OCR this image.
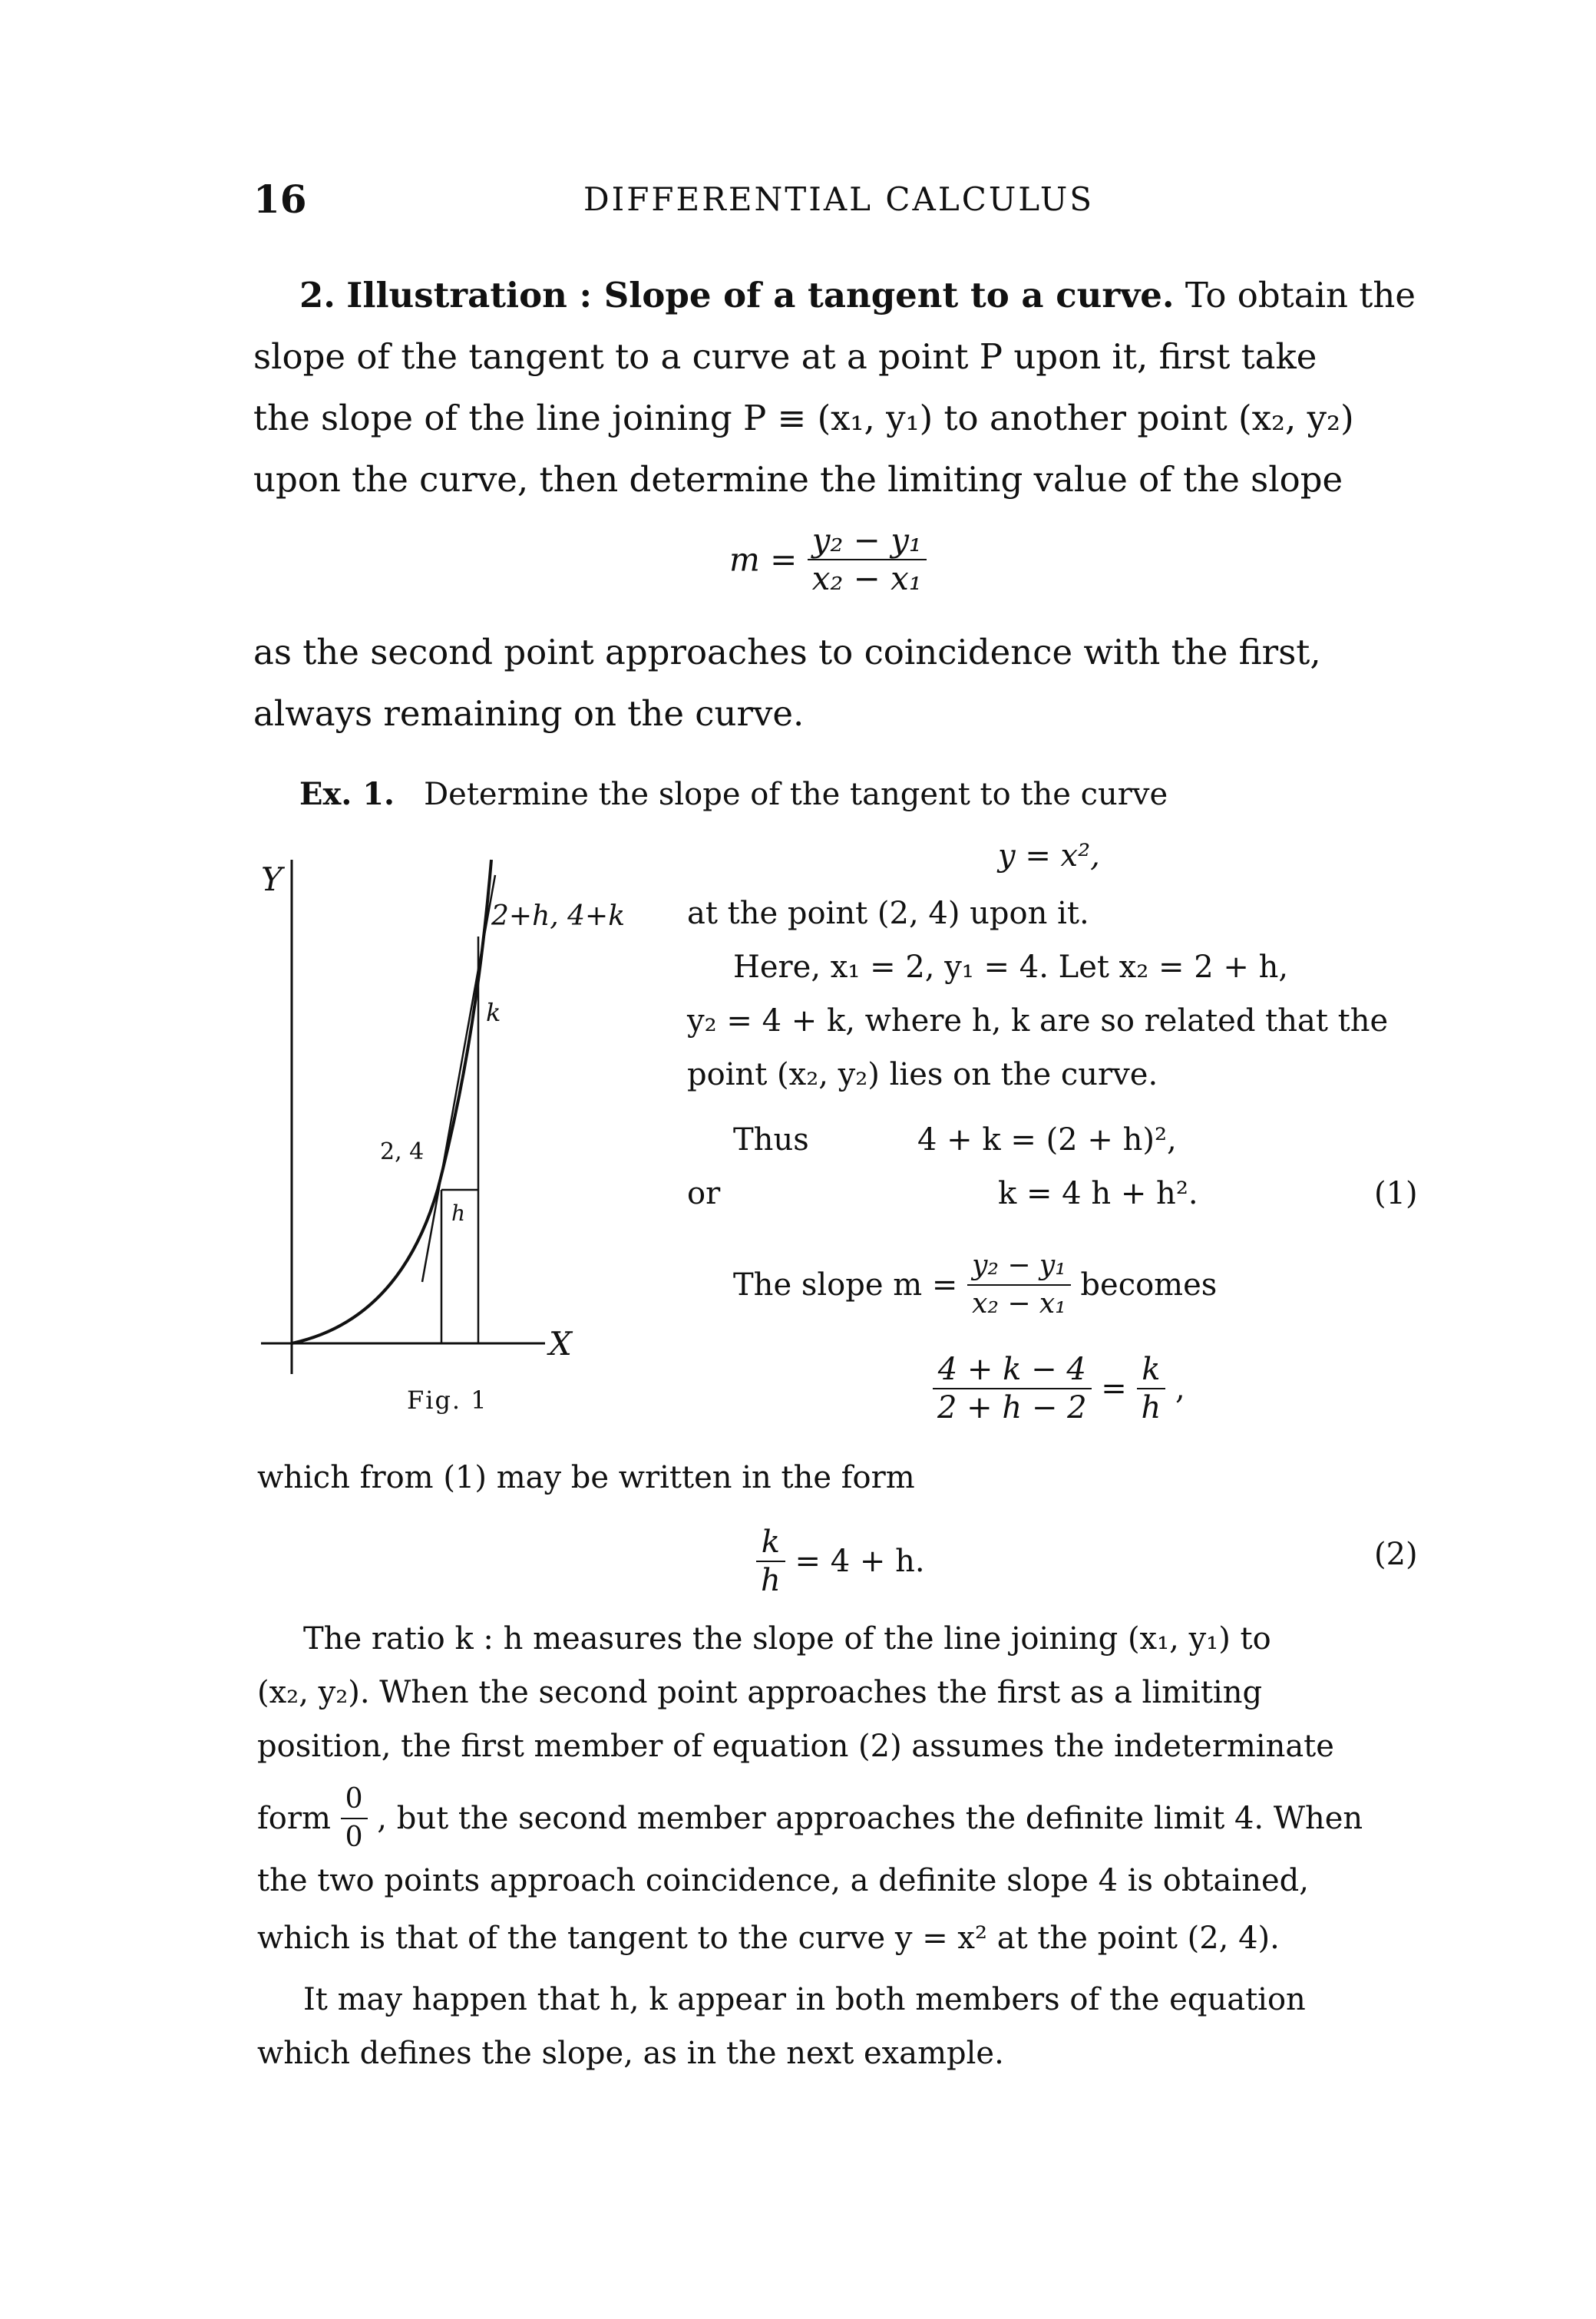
16	DIFFERENTIAL CALCULUS
2. Illustration : Slope of a tangent to a curve. To obtain the
slope of the tangent to a curve at a point P upon it, first take
the slope of the line joining P ≡ (x₁, y₁) to another point (x₂, y₂)
upon the curve, then determine the limiting value of the slope
$m = \frac{\text{y₂ − y₁}}{\text{x₂ − x₁}}$
as the second point approaches to coincidence with the first,
always remaining on the curve.
Ex. 1. Determine the slope of the tangent to the curve
y = x²,
at the point (2, 4) upon it.
Here, x₁ = 2, y₁ = 4. Let x₂ = 2 + h,
y₂ = 4 + k, where h, k are so related that the
point (x₂, y₂) lies on the curve.
Thus	4 + k = (2 + h)²,
or	k = 4 h + h².	(1)
The slope $m = \frac{\text{y₂ − y₁}}{\text{x₂ − x₁}}$ becomes
$\frac{4 + k - 4}{2 + h - 2} = \frac{k}{h}$ ,
Y
X
2+h, 4+k
2, 4
k
h
Fig. 1
which from (1) may be written in the form
$\frac{k}{h} = 4 + h$.	(2)
The ratio k : h measures the slope of the line joining (x₁, y₁) to
(x₂, y₂). When the second point approaches the first as a limiting
position, the first member of equation (2) assumes the indeterminate
form $\frac{0}{0}$ , but the second member approaches the definite limit 4. When
the two points approach coincidence, a definite slope 4 is obtained,
which is that of the tangent to the curve y = x² at the point (2, 4).
It may happen that h, k appear in both members of the equation
which defines the slope, as in the next example.
